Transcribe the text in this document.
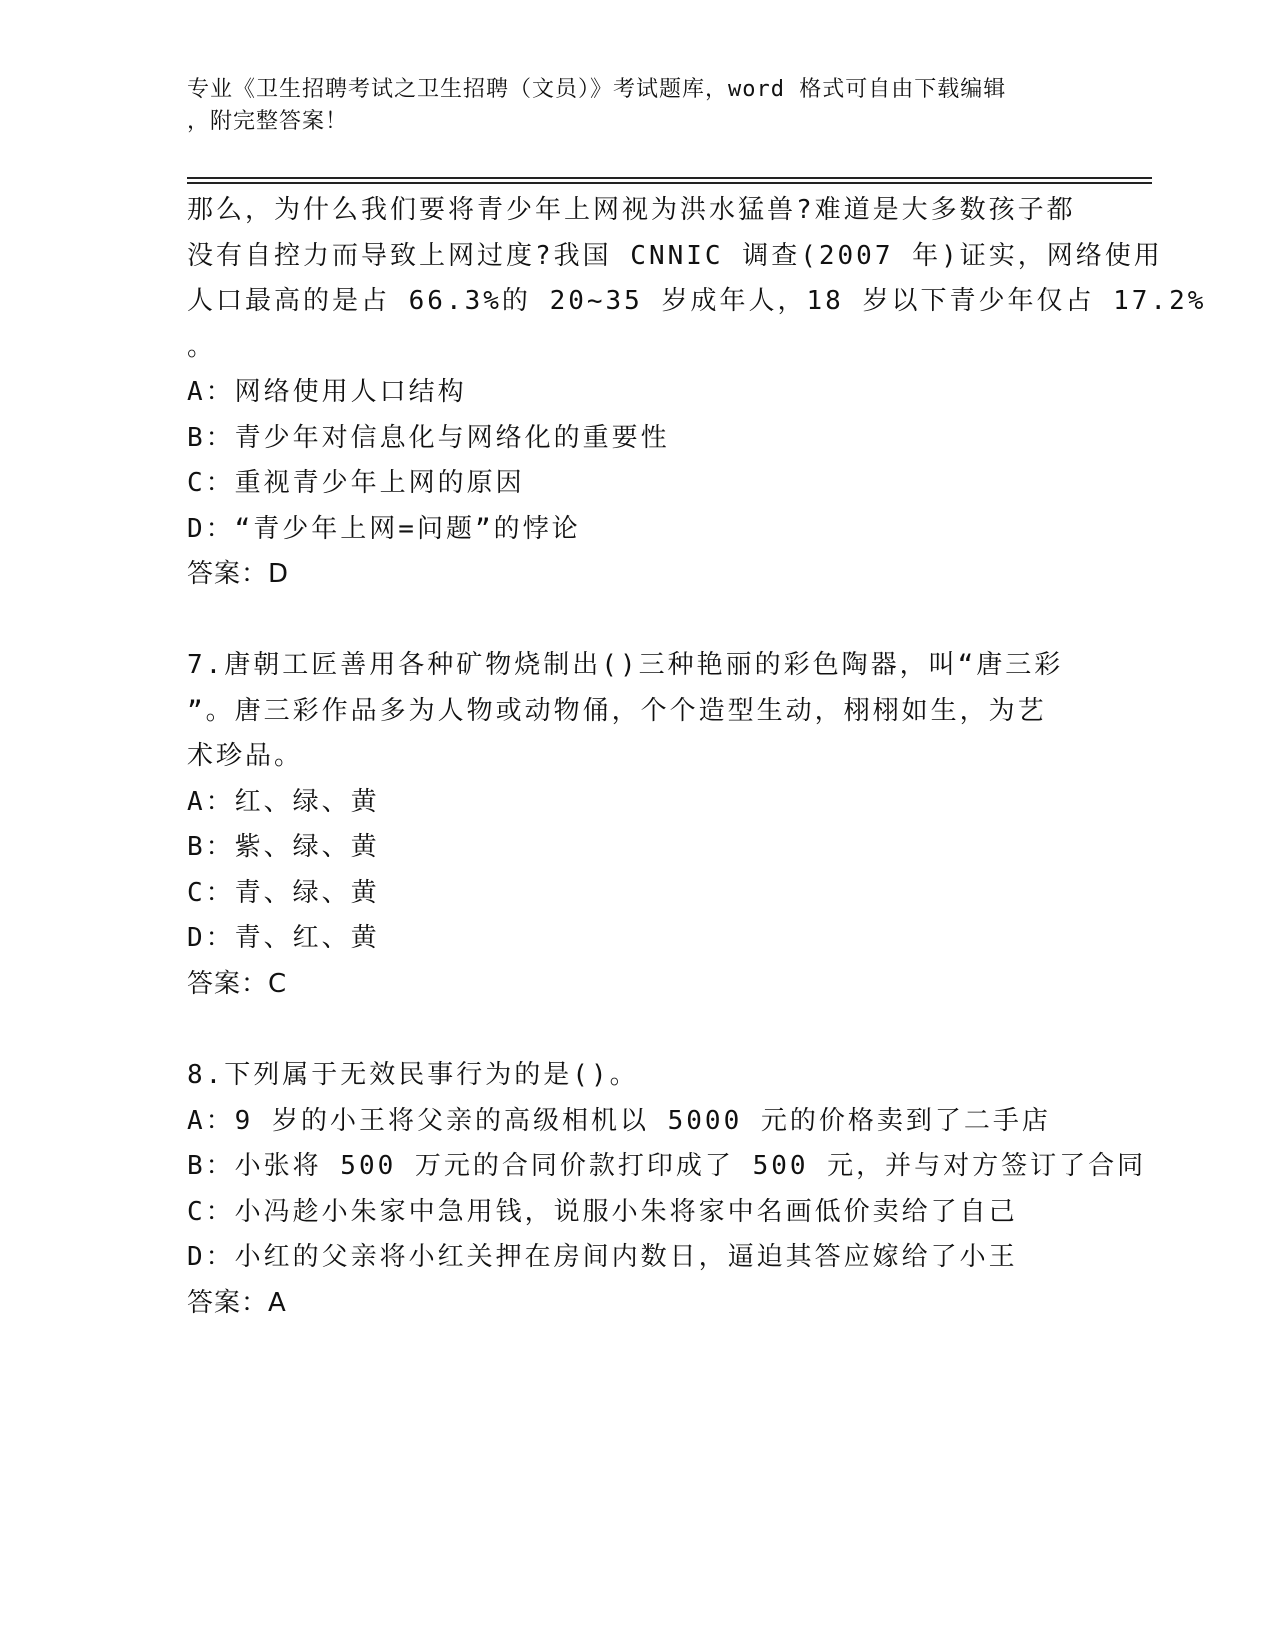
专业《卫生招聘考试之卫生招聘（文员）》考试题库，word 格式可自由下载编辑
，附完整答案！
那么，为什么我们要将青少年上网视为洪水猛兽?难道是大多数孩子都
没有自控力而导致上网过度?我国 CNNIC 调查(2007 年)证实，网络使用
人口最高的是占 66.3%的 20~35 岁成年人，18 岁以下青少年仅占 17.2%
。
A：网络使用人口结构
B：青少年对信息化与网络化的重要性
C：重视青少年上网的原因
D：“青少年上网=问题”的悖论
答案：D
7.唐朝工匠善用各种矿物烧制出()三种艳丽的彩色陶器，叫“唐三彩
”。唐三彩作品多为人物或动物俑，个个造型生动，栩栩如生，为艺
术珍品。
A：红、绿、黄
B：紫、绿、黄
C：青、绿、黄
D：青、红、黄
答案：C
8.下列属于无效民事行为的是()。
A：9 岁的小王将父亲的高级相机以 5000 元的价格卖到了二手店
B：小张将 500 万元的合同价款打印成了 500 元，并与对方签订了合同
C：小冯趁小朱家中急用钱，说服小朱将家中名画低价卖给了自己
D：小红的父亲将小红关押在房间内数日，逼迫其答应嫁给了小王
答案：A
